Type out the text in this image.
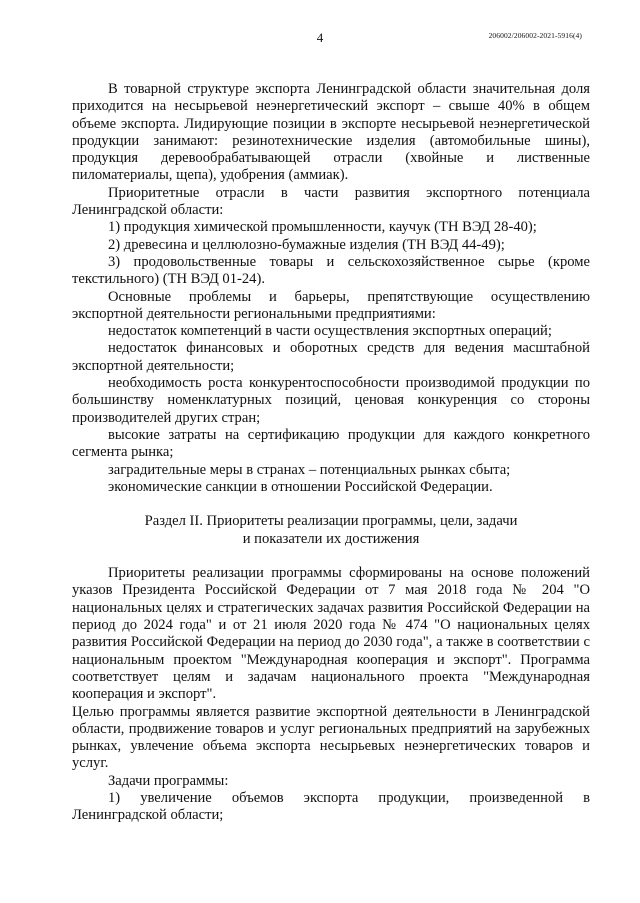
4	206002/206002-2021-5916(4)

В товарной структуре экспорта Ленинградской области значительная доля приходится на несырьевой неэнергетический экспорт – свыше 40% в общем объеме экспорта. Лидирующие позиции в экспорте несырьевой неэнергетической продукции занимают: резинотехнические изделия (автомобильные шины), продукция деревообрабатывающей отрасли (хвойные и лиственные пиломатериалы, щепа), удобрения (аммиак).

Приоритетные отрасли в части развития экспортного потенциала Ленинградской области:

1) продукция химической промышленности, каучук (ТН ВЭД 28-40);

2) древесина и целлюлозно-бумажные изделия (ТН ВЭД 44-49);

3) продовольственные товары и сельскохозяйственное сырье (кроме текстильного) (ТН ВЭД 01-24).

Основные проблемы и барьеры, препятствующие осуществлению экспортной деятельности региональными предприятиями:

недостаток компетенций в части осуществления экспортных операций;

недостаток финансовых и оборотных средств для ведения масштабной экспортной деятельности;

необходимость роста конкурентоспособности производимой продукции по большинству номенклатурных позиций, ценовая конкуренция со стороны производителей других стран;

высокие затраты на сертификацию продукции для каждого конкретного сегмента рынка;

заградительные меры в странах – потенциальных рынках сбыта;

экономические санкции в отношении Российской Федерации.

Раздел II. Приоритеты реализации программы, цели, задачи
и показатели их достижения

Приоритеты реализации программы сформированы на основе положений указов Президента Российской Федерации от 7 мая 2018 года № 204 "О национальных целях и стратегических задачах развития Российской Федерации на период до 2024 года" и от 21 июля 2020 года № 474 "О национальных целях развития Российской Федерации на период до 2030 года", а также в соответствии с национальным проектом "Международная кооперация и экспорт". Программа соответствует целям и задачам национального проекта "Международная кооперация и экспорт".

Целью программы является развитие экспортной деятельности в Ленинградской области, продвижение товаров и услуг региональных предприятий на зарубежных рынках, увлечение объема экспорта несырьевых неэнергетических товаров и услуг.

Задачи программы:

1) увеличение объемов экспорта продукции, произведенной в Ленинградской области;
